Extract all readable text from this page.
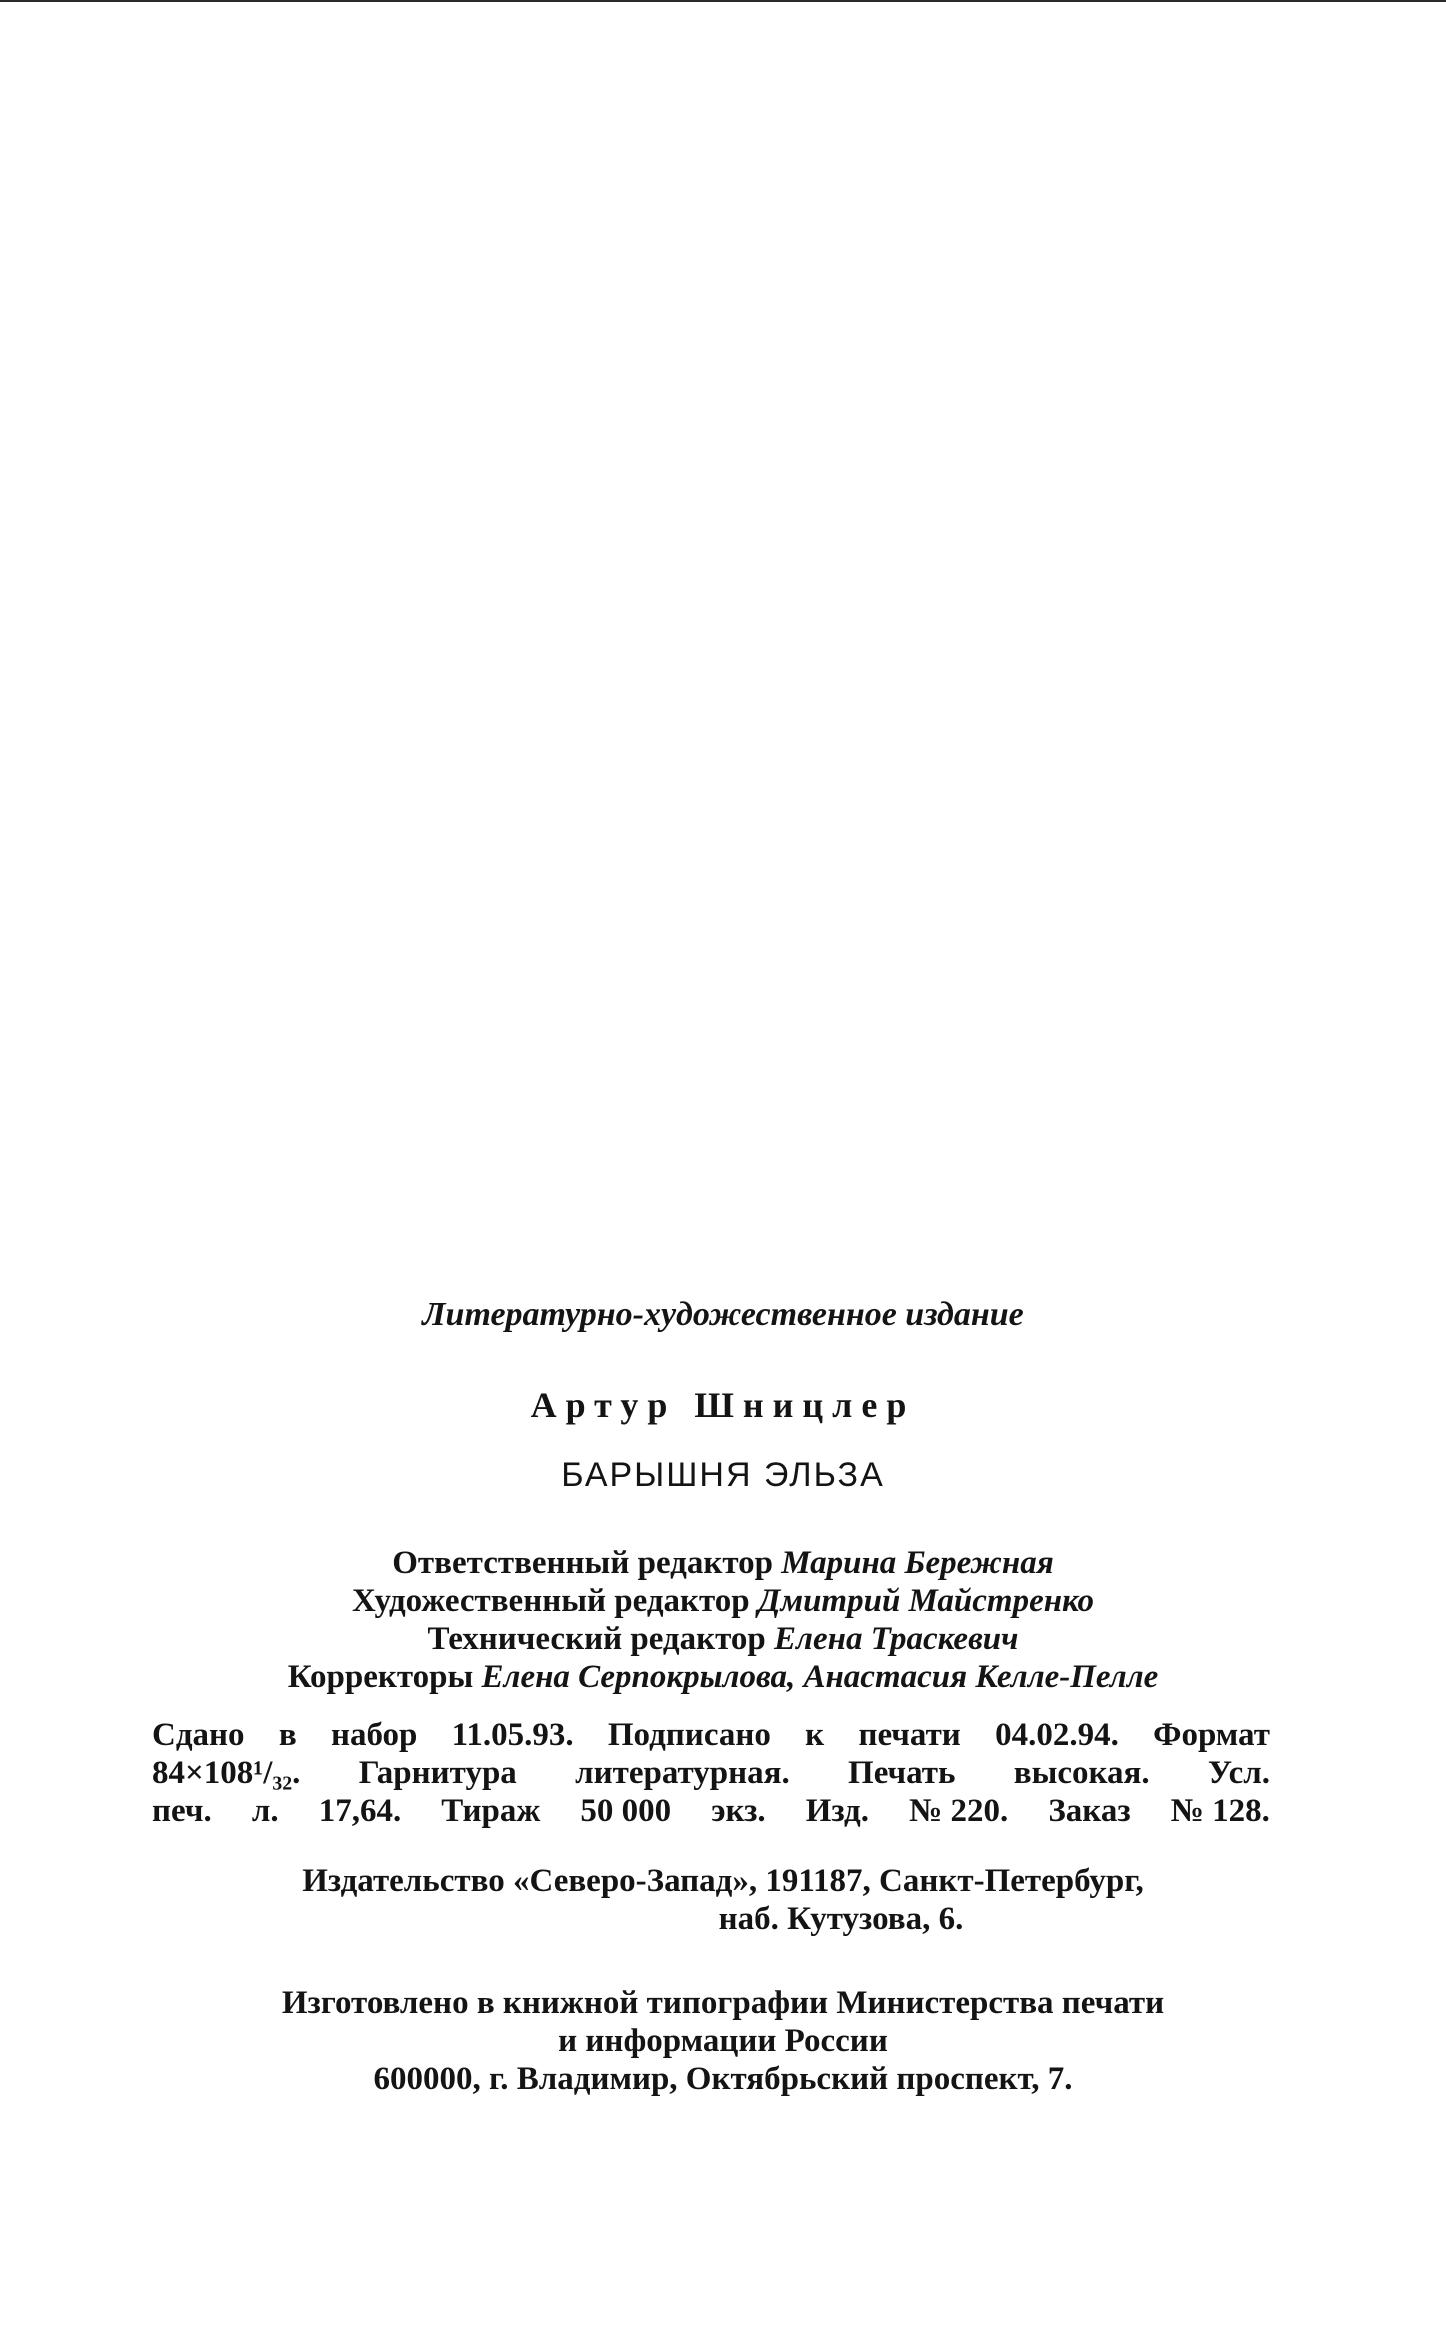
Литературно-художественное издание
Артур Шницлер
БАРЫШНЯ ЭЛЬЗА
Ответственный редактор Марина Бережная
Художественный редактор Дмитрий Майстренко
Технический редактор Елена Траскевич
Корректоры Елена Серпокрылова, Анастасия Келле-Пелле
Сдано в набор 11.05.93. Подписано к печати 04.02.94. Формат
84×108¹/₃₂. Гарнитура литературная. Печать высокая. Усл.
печ. л. 17,64. Тираж 50 000 экз. Изд. № 220. Заказ № 128.
Издательство «Северо-Запад», 191187, Санкт-Петербург,
наб. Кутузова, 6.
Изготовлено в книжной типографии Министерства печати
и информации России
600000, г. Владимир, Октябрьский проспект, 7.
